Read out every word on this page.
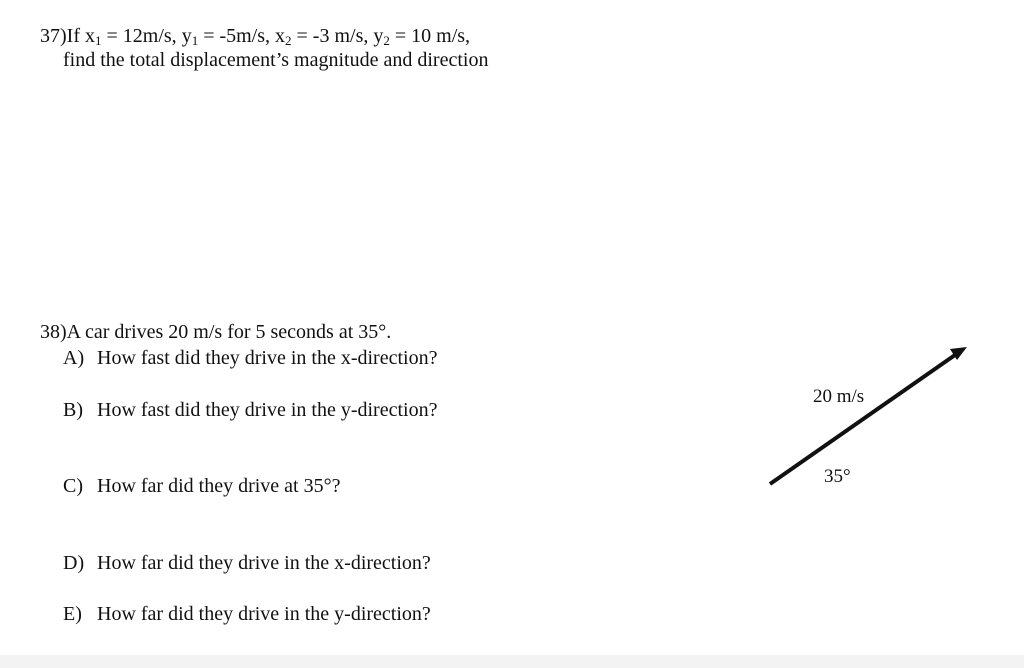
37)If $x_1 = 12m/s$, $y_1 = -5m/s$, $x_2 = -3$ m/s, $y_2 = 10$ m/s,
find the total displacement’s magnitude and direction
38)A car drives 20 m/s for 5 seconds at 35°.
A) How fast did they drive in the x-direction?
B) How fast did they drive in the y-direction?
C) How far did they drive at 35°?
D) How far did they drive in the x-direction?
E) How far did they drive in the y-direction?
20 m/s
35°
